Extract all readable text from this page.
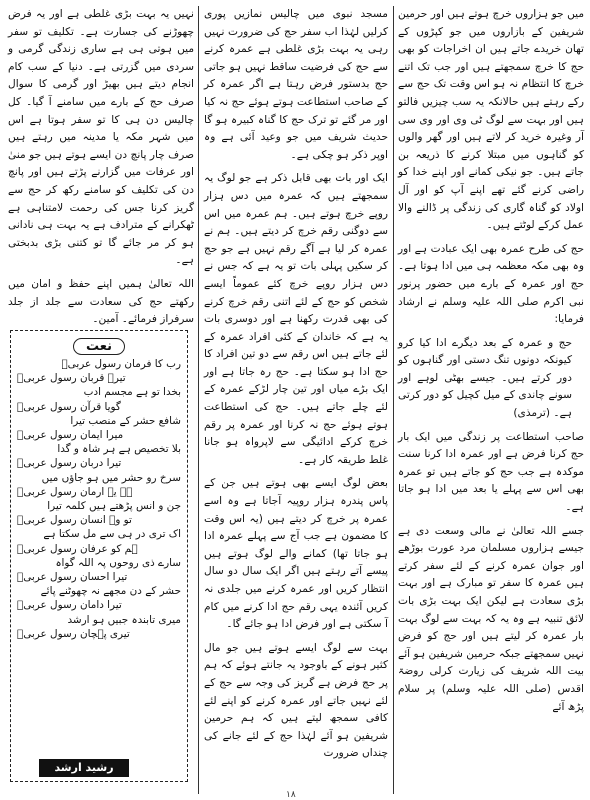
میں جو ہزاروں خرچ ہوتے ہیں اور حرمین شریفین کے بازاروں میں جو کپڑوں کے تھان خریدے جاتے ہیں ان اخراجات کو بھی حج کا خرچ سمجھتے ہیں اور جب تک اتنے خرچ کا انتظام نہ ہو اس وقت تک حج سے رکے رہتے ہیں حالانکہ یہ سب چیزیں فالتو ہیں اور بہت سے لوگ ٹی وی اور وی سی آر وغیرہ خرید کر لاتے ہیں اور گھر والوں کو گناہوں میں مبتلا کرنے کا ذریعہ بن جاتے ہیں۔ جو نیکی کمانے اور اپنے خدا کو راضی کرنے گئے تھے اپنے آپ کو اور آل اولاد کو گناہ گاری کی زندگی پر ڈالنے والا عمل کرکے لوٹتے ہیں۔

حج کی طرح عمرہ بھی ایک عبادت ہے اور وہ بھی مکہ معظمہ ہی میں ادا ہوتا ہے۔ حج اور عمرہ کے بارے میں حضور پرنور نبی اکرم صلی اللہ علیہ وسلم نے ارشاد فرمایا:

حج و عمرہ کے بعد دیگرے ادا کیا کرو کیونکہ دونوں تنگ دستی اور گناہوں کو دور کرتے ہیں۔ جیسے بھٹی لوہے اور سونے چاندی کے میل کچیل کو دور کرتی ہے۔ (ترمذی)

صاحب استطاعت پر زندگی میں ایک بار حج کرنا فرض ہے اور عمرہ ادا کرنا سنت موکدہ ہے جب حج کو جاتے ہیں تو عمرہ بھی اس سے پہلے یا بعد میں ادا ہو جاتا ہے۔

جسے اللہ تعالیٰ نے مالی وسعت دی ہے جیسے ہزاروں مسلمان مرد عورت بوڑھے اور جوان عمرہ کرنے کے لئے سفر کرتے ہیں عمرہ کا سفر تو مبارک ہے اور بہت بڑی سعادت ہے لیکن ایک بہت بڑی بات لائق تنبیہ ہے وہ یہ کہ بہت سے لوگ بہت بار عمرہ کر لیتے ہیں اور حج کو فرض نہیں سمجھتے جبکہ حرمین شریفین ہو آئے بیت اللہ شریف کی زیارت کرلی روضۃ اقدس (صلی اللہ علیہ وسلم) پر سلام پڑھ آئے

مسجد نبوی میں چالیس نمازیں پوری کرلیں لہٰذا اب سفر حج کی ضرورت نہیں رہی یہ بہت بڑی غلطی ہے عمرہ کرنے سے حج کی فرضیت ساقط نہیں ہو جاتی حج بدستور فرض رہتا ہے اگر عمرہ کر کے صاحب استطاعت ہوتے ہوئے حج نہ کیا اور مر گئے تو ترک حج کا گناہ کبیرہ ہو گا حدیث شریف میں جو وعید آئی ہے وہ اوپر ذکر ہو چکی ہے۔

ایک اور بات بھی قابل ذکر ہے جو لوگ یہ سمجھتے ہیں کہ عمرہ میں دس ہزار روپے خرچ ہوتے ہیں۔ ہم عمرہ میں اس سے دوگنی رقم خرچ کر دیتے ہیں۔ ہم نے عمرہ کر لیا ہے آگے رقم نہیں ہے جو حج کر سکیں پہلی بات تو یہ ہے کہ جس نے دس ہزار روپے خرچ کئے عموماً ایسے شخص کو حج کے لئے اتنی رقم خرچ کرنے کی بھی قدرت رکھنا ہے اور دوسری بات یہ ہے کہ خاندان کے کئی افراد عمرہ کے لئے جاتے ہیں اس رقم سے دو تین افراد کا حج ادا ہو سکتا ہے۔ حج رہ جاتا ہے اور ایک بڑے میاں اور تین چار لڑکے عمرہ کے لئے چلے جاتے ہیں۔ حج کی استطاعت ہوتے ہوئے حج نہ کرنا اور عمرہ پر رقم خرچ کرکے ادائیگی سے لاپرواہ ہو جانا غلط طریقہ کار ہے۔

بعض لوگ ایسے بھی ہوتے ہیں جن کے پاس پندرہ ہزار روپیہ آجاتا ہے وہ اسے عمرہ پر خرچ کر دیتے ہیں (یہ اس وقت کا مضمون ہے جب آج سے پہلے عمرہ ادا ہو جاتا تھا) کمانے والے لوگ ہوتے ہیں پیسے آتے رہتے ہیں اگر ایک سال دو سال انتظار کریں اور عمرہ کرنے میں جلدی نہ کریں آئندہ یہی رقم حج ادا کرنے میں کام آ سکتی ہے اور فرض ادا ہو جائے گا۔

بہت سے لوگ ایسے ہوتے ہیں جو مال کثیر ہونے کے باوجود یہ جانتے ہوئے کہ ہم پر حج فرض ہے گریز کی وجہ سے حج کے لئے نہیں جاتے اور عمرہ کرنے کو اپنے لئے کافی سمجھ لیتے ہیں کہ ہم حرمین شریفین ہو آئے لہٰذا حج کے لئے جانے کی چنداں ضرورت

نہیں یہ بہت بڑی غلطی ہے اور یہ فرض چھوڑنے کی جسارت ہے۔ تکلیف تو سفر میں ہوتی ہی ہے ساری زندگی گرمی و سردی میں گزرتی ہے۔ دنیا کے سب کام انجام دیتے ہیں بھیڑ اور گرمی کا سوال صرف حج کے بارے میں سامنے آ گیا۔ کل چالیس دن ہی کا تو سفر ہوتا ہے اس میں شہر مکہ یا مدینہ میں رہتے ہیں صرف چار پانچ دن ایسے ہوتے ہیں جو منیٰ اور عرفات میں گزارنے پڑتے ہیں اور پانچ دن کی تکلیف کو سامنے رکھ کر حج سے گریز کرنا جس کی رحمت لامتناہی ہے ٹھکرانے کے مترادف ہے یہ بہت ہی نادانی ہو کر مر جائے گا تو کتنی بڑی بدبختی ہے۔

اللہ تعالیٰ ہمیں اپنے حفظ و امان میں رکھتے حج کی سعادت سے جلد از جلد سرفراز فرمائے۔ آمین۔

نعت
رب کا فرمان رسول عربیؐ
تیرے قربان رسول عربیؐ
بخدا تو ہے مجسم ادب
گویا قرآن رسول عربیؐ
شافع حشر کے منصب تیرا
میرا ایمان رسول عربیؐ
بلا تخصیص ہے ہر شاہ و گدا
تیرا دربان رسول عربیؐ
سرخ رو حشر میں ہو جاؤں میں
ہے یہ ارمان رسول عربیؐ
جن و انس پڑھتے ہیں کلمہ تیرا
تو وہ انسان رسول عربیؐ
اک تری در ہی سے مل سکتا ہے
ہم کو عرفان رسول عربیؐ
سارے ذی روحوں پہ اللہ گواہ
تیرا احسان رسول عربیؐ
حشر کے دن مجھے نہ چھوٹنے پائے
تیرا دامان رسول عربیؐ
میری تابندہ جبیں ہو ارشد
تیری پہچان رسول عربیؐ
رشید ارشد
۱۸
